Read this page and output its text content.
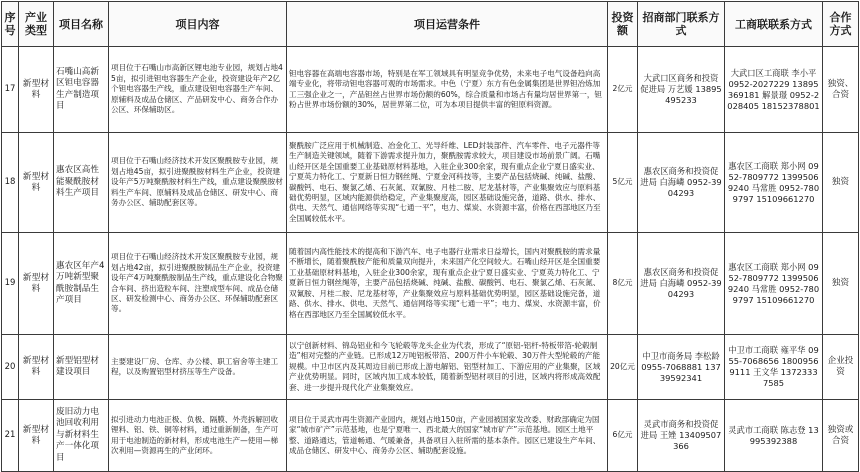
序号	产业类型	项目名称	项目内容	项目运营条件	投资额	招商部门联系方式	工商联联系方式	合作方式
17	新型材料	石嘴山高新区钽电容器生产制造项目	项目位于石嘴山市高新区锂电池专业园，规划占地45亩，拟引进钽电容器生产企业，投资建设年产2亿个钽电容器生产线，重点建设钽电容器生产车间、原辅料及成品仓储区、产品研发中心、商务合作办公区、环保辅助区。	钽电容器在高端电容器市场，特别是在军工领域具有明显竞争优势，未来电子电气设备趋向高端专业化，将带动钽电容器可观的市场需求。中色（宁夏）东方有色金属集团是世界钽冶炼加工三强企业之一，产品钽丝占世界市场份额的60%，综合质量和市场占有量均居世界第一，钽粉占世界市场份额的30%，居世界第二位，可为本项目提供丰富的钽原料资源。	2亿元	大武口区商务和投资促进局 万艺媛 13895495233	大武口区工商联 李小平 0952-2027229 13895369181 解景璟 0952-2028405 18152378801	独资、合资
18	新型材料	惠农区高性能聚酰胺材料生产项目	项目位于石嘴山经济技术开发区聚酰胺专业园，规划占地45亩，拟引进聚酰胺材料生产企业，投资建设年产5万吨聚酰胺材料生产线，重点建设聚酰胺材料生产车间、原辅料及成品仓储区、研发中心、商务办公区、辅助配套区等。	聚酰胺广泛应用于机械制造、冶金化工、光导纤维、LED封装部件、汽车零件、电子元器件等生产制造关键领域，随着下游需求提升加力，聚酰胺需求较大，项目建设市场前景广阔。石嘴山经开区是全国重要工业基础原材料基地，入驻企业300余家，现有重点企业宁夏日盛实业、宁夏英力特化工、宁夏新日恒力钢丝绳、宁夏金河科技等，主要产品包括烧碱、纯碱、盐酸、碳酸钙、电石、聚氯乙烯、石灰氮、双氰胺、月桂二胺、尼龙基材等，产业集聚效应与原料基础优势明显，区域内能源供给稳定，产业集聚度高，园区基础设施完备，道路、供水、排水、供电、天然气、通信网络等实现“七通一平”，电力、煤炭、水资源丰富，价格在西部地区乃至全国属较低水平。	5亿元	惠农区商务和投资促进局 白海嶙 0952-3904293	惠农区工商联 郑小网 0952-7809772 13995069240 马常胜 0952-7809797 15109661270	独资
19	新型材料	惠农区年产4万吨新型聚酰胺制品生产项目	项目位于石嘴山经济技术开发区聚酰胺专业园，规划占地42亩，拟引进聚酰胺制品生产企业，投资建设年产4万吨聚酰胺制品生产线，重点建设化合物聚合车间、挤出造粒车间、注塑成型车间、成品仓储区、研发检测中心、商务办公区、环保辅助配套区等。	随着国内高性能技术的提高和下游汽车、电子电器行业需求日益增长，国内对聚酰胺的需求量不断增长，随着聚酰胺产能和质量双向提升，未来国产化空间较大。石嘴山经开区是全国重要工业基础原材料基地，入驻企业300余家，现有重点企业宁夏日盛实业、宁夏英力特化工、宁夏新日恒力钢丝绳等，主要产品包括烧碱、纯碱、盐酸、碳酸钙、电石、聚氯乙烯、石灰氮、双氰胺、月桂二胺、尼龙基材等，产业集聚效应与原料基础优势明显，园区基础设施完备，道路、供水、排水、供电、天然气、通信网络等实现“七通一平”；电力、煤炭、水资源丰富，价格在西部地区乃至全国属较低水平。	8亿元	惠农区商务和投资促进局 白海嶙 0952-3904293	惠农区工商联 郑小网 0952-7809772 13995069240 马常胜 0952-7809797 15109661270	独资
20	新型材料	新型铝型材建设项目	主要建设厂房、仓库、办公楼、职工宿舍等主建工程，以及购置铝型材挤压等生产设备。	以宁创新材料、锦岛铝业和今飞轮毂等龙头企业为代表，形成了“原铝-铝杆-特板带箔-轮毂制造”相对完整的产业链。已形成12万吨铝板带箔、200万件小车轮毂、30万件大型轮毂的产能规模。中卫市区内及其周边目前已形成上游电解铝、铝型材加工、下游应用的产业集聚，区域产业优势明显。同时，区域内加工成本较低，随着新型铝材项目的引进，区域内将形成高效配套、进一步提升现代化产业集聚效应。	20亿元	中卫市商务局 李松龄 0955-7068881 13739592341	中卫市工商联 雍平华 0955-7068656 18009569111 王文华 13723337585	企业投资
21	新型材料	废旧动力电池回收利用与新材料生产一体化项目	拟引进动力电池正极、负极、隔膜、外壳拆解回收锂料、铝、铁、铜等材料，通过重新制备，生产可用于电池制造的新材料，形成电池生产—使用—梯次利用—资源再生的产业闭环。	项目位于灵武市再生资源产业园内，规划占地150亩，产业园被国家发改委、财政部确定为国家“城市矿产”示范基地，也是宁夏唯一、西北最大的国家“城市矿产”示范基地。园区土地平整、道路通达，管道畅通、气暖兼备，具备项目入驻所需的基本条件。园区已建设生产车间、成品仓储区、研发中心、商务办公区、辅助配套设施。	6亿元	灵武市商务和投资促进局 王矬 13409507366	灵武市工商联 陈志登 13995392388	独资或合资
